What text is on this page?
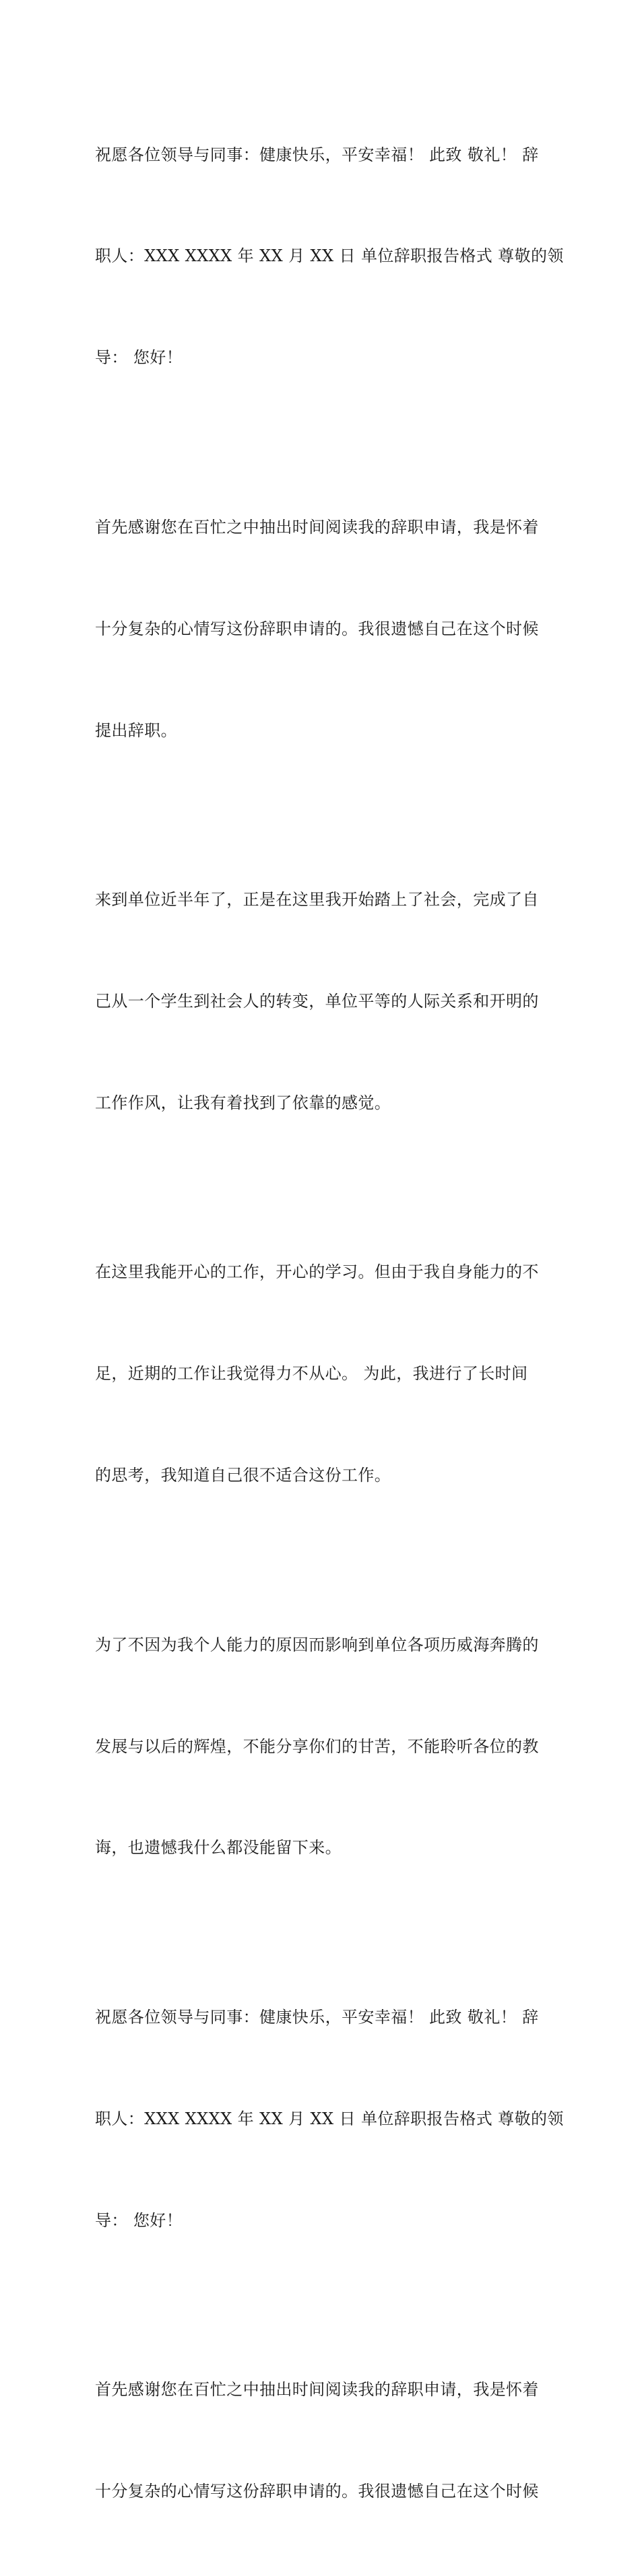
祝愿各位领导与同事：健康快乐，平安幸福！ 此致 敬礼！ 辞

职人：XXX XXXX 年 XX 月 XX 日 单位辞职报告格式 尊敬的领

导： 您好！

首先感谢您在百忙之中抽出时间阅读我的辞职申请，我是怀着

十分复杂的心情写这份辞职申请的。我很遗憾自己在这个时候

提出辞职。

来到单位近半年了，正是在这里我开始踏上了社会，完成了自

己从一个学生到社会人的转变，单位平等的人际关系和开明的

工作作风，让我有着找到了依靠的感觉。

在这里我能开心的工作，开心的学习。但由于我自身能力的不

足，近期的工作让我觉得力不从心。 为此，我进行了长时间

的思考，我知道自己很不适合这份工作。

为了不因为我个人能力的原因而影响到单位各项历威海奔腾的

发展与以后的辉煌，不能分享你们的甘苦，不能聆听各位的教

诲，也遗憾我什么都没能留下来。

祝愿各位领导与同事：健康快乐，平安幸福！ 此致 敬礼！ 辞

职人：XXX XXXX 年 XX 月 XX 日 单位辞职报告格式 尊敬的领

导： 您好！

首先感谢您在百忙之中抽出时间阅读我的辞职申请，我是怀着

十分复杂的心情写这份辞职申请的。我很遗憾自己在这个时候
